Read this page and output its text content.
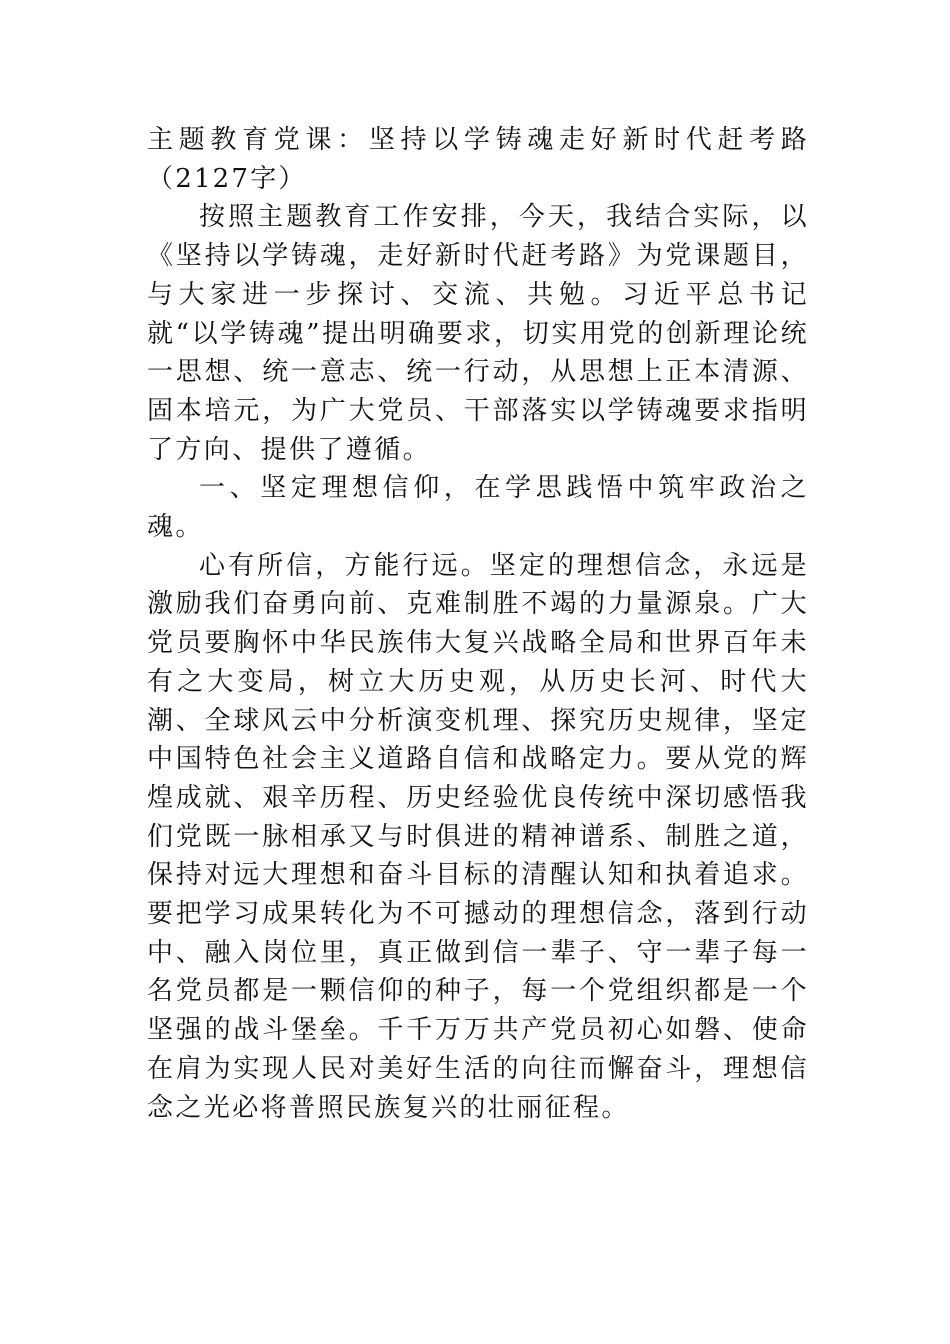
主题教育党课：坚持以学铸魂走好新时代赶考路（2127字）

按照主题教育工作安排，今天，我结合实际，以《坚持以学铸魂，走好新时代赶考路》为党课题目，与大家进一步探讨、交流、共勉。习近平总书记就“以学铸魂”提出明确要求，切实用党的创新理论统一思想、统一意志、统一行动，从思想上正本清源、固本培元，为广大党员、干部落实以学铸魂要求指明了方向、提供了遵循。

一、坚定理想信仰，在学思践悟中筑牢政治之魂。

心有所信，方能行远。坚定的理想信念，永远是激励我们奋勇向前、克难制胜不竭的力量源泉。广大党员要胸怀中华民族伟大复兴战略全局和世界百年未有之大变局，树立大历史观，从历史长河、时代大潮、全球风云中分析演变机理、探究历史规律，坚定中国特色社会主义道路自信和战略定力。要从党的辉煌成就、艰辛历程、历史经验优良传统中深切感悟我们党既一脉相承又与时俱进的精神谱系、制胜之道，保持对远大理想和奋斗目标的清醒认知和执着追求。要把学习成果转化为不可撼动的理想信念，落到行动中、融入岗位里，真正做到信一辈子、守一辈子每一名党员都是一颗信仰的种子，每一个党组织都是一个坚强的战斗堡垒。千千万万共产党员初心如磐、使命在肩为实现人民对美好生活的向往而懈奋斗，理想信念之光必将普照民族复兴的壮丽征程。
